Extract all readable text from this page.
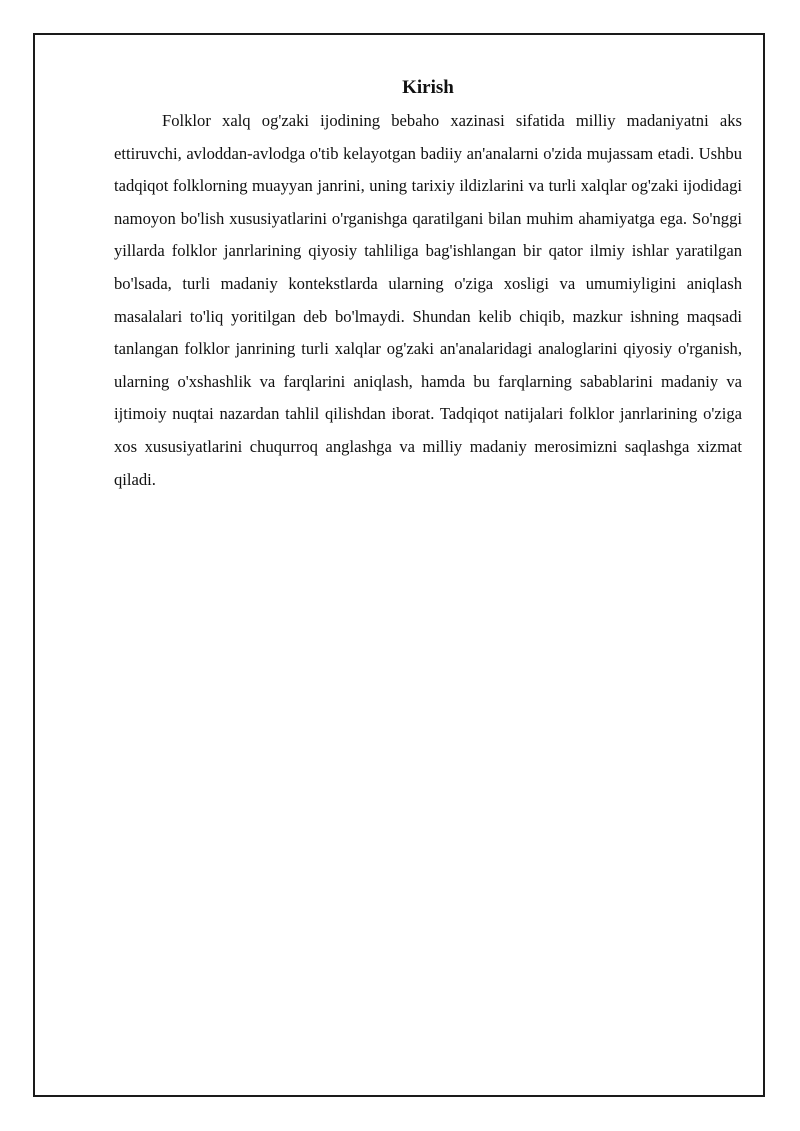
Kirish

Folklor xalq og'zaki ijodining bebaho xazinasi sifatida milliy madaniyatni aks ettiruvchi, avloddan-avlodga o'tib kelayotgan badiiy an'analarni o'zida mujassam etadi. Ushbu tadqiqot folklorning muayyan janrini, uning tarixiy ildizlarini va turli xalqlar og'zaki ijodidagi namoyon bo'lish xususiyatlarini o'rganishga qaratilgani bilan muhim ahamiyatga ega. So'nggi yillarda folklor janrlarining qiyosiy tahliliga bag'ishlangan bir qator ilmiy ishlar yaratilgan bo'lsada, turli madaniy kontekstlarda ularning o'ziga xosligi va umumiyligini aniqlash masalalari to'liq yoritilgan deb bo'lmaydi. Shundan kelib chiqib, mazkur ishning maqsadi tanlangan folklor janrining turli xalqlar og'zaki an'analaridagi analoglarini qiyosiy o'rganish, ularning o'xshashlik va farqlarini aniqlash, hamda bu farqlarning sabablarini madaniy va ijtimoiy nuqtai nazardan tahlil qilishdan iborat. Tadqiqot natijalari folklor janrlarining o'ziga xos xususiyatlarini chuqurroq anglashga va milliy madaniy merosimizni saqlashga xizmat qiladi.
